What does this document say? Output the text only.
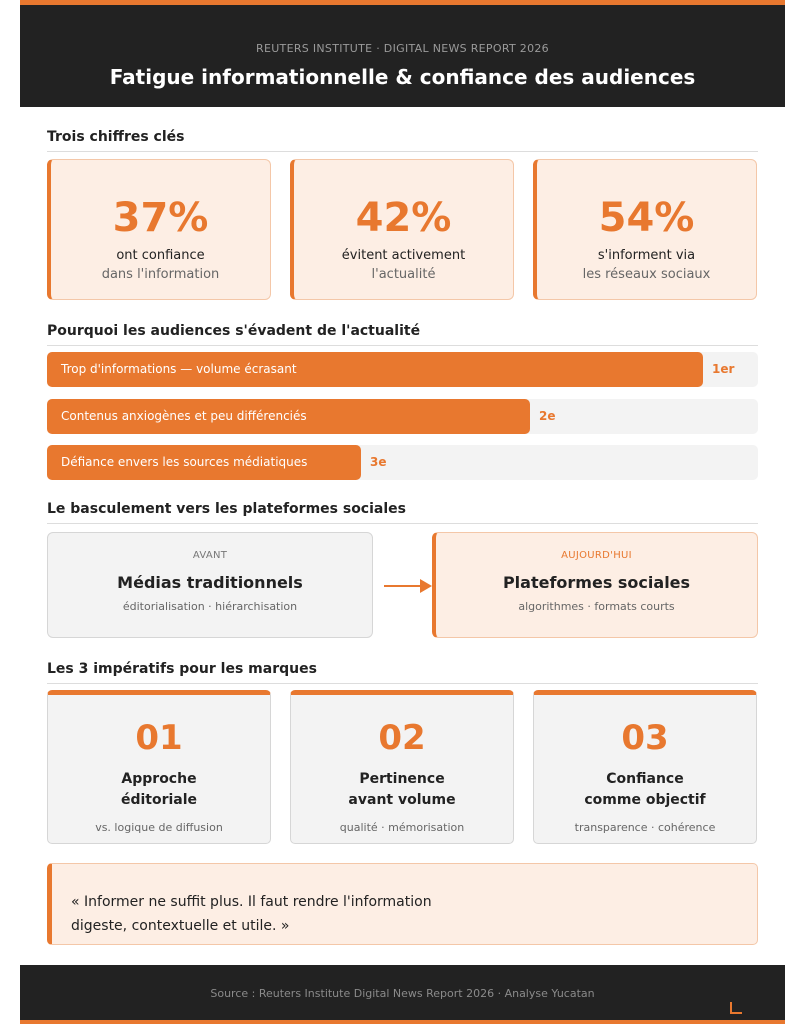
REUTERS INSTITUTE · DIGITAL NEWS REPORT 2026
Fatigue informationnelle & confiance des audiences
Trois chiffres clés
37%
ont confiance
dans l'information
42%
évitent activement
l'actualité
54%
s'informent via
les réseaux sociaux
Pourquoi les audiences s'évadent de l'actualité
Trop d'informations — volume écrasant	1er
Contenus anxiogènes et peu différenciés	2e
Défiance envers les sources médiatiques	3e
Le basculement vers les plateformes sociales
AVANT
Médias traditionnels
éditorialisation · hiérarchisation
AUJOURD'HUI
Plateformes sociales
algorithmes · formats courts
Les 3 impératifs pour les marques
01
Approche
éditoriale
vs. logique de diffusion
02
Pertinence
avant volume
qualité · mémorisation
03
Confiance
comme objectif
transparence · cohérence
« Informer ne suffit plus. Il faut rendre l'information
digeste, contextuelle et utile. »
Source : Reuters Institute Digital News Report 2026 · Analyse Yucatan
